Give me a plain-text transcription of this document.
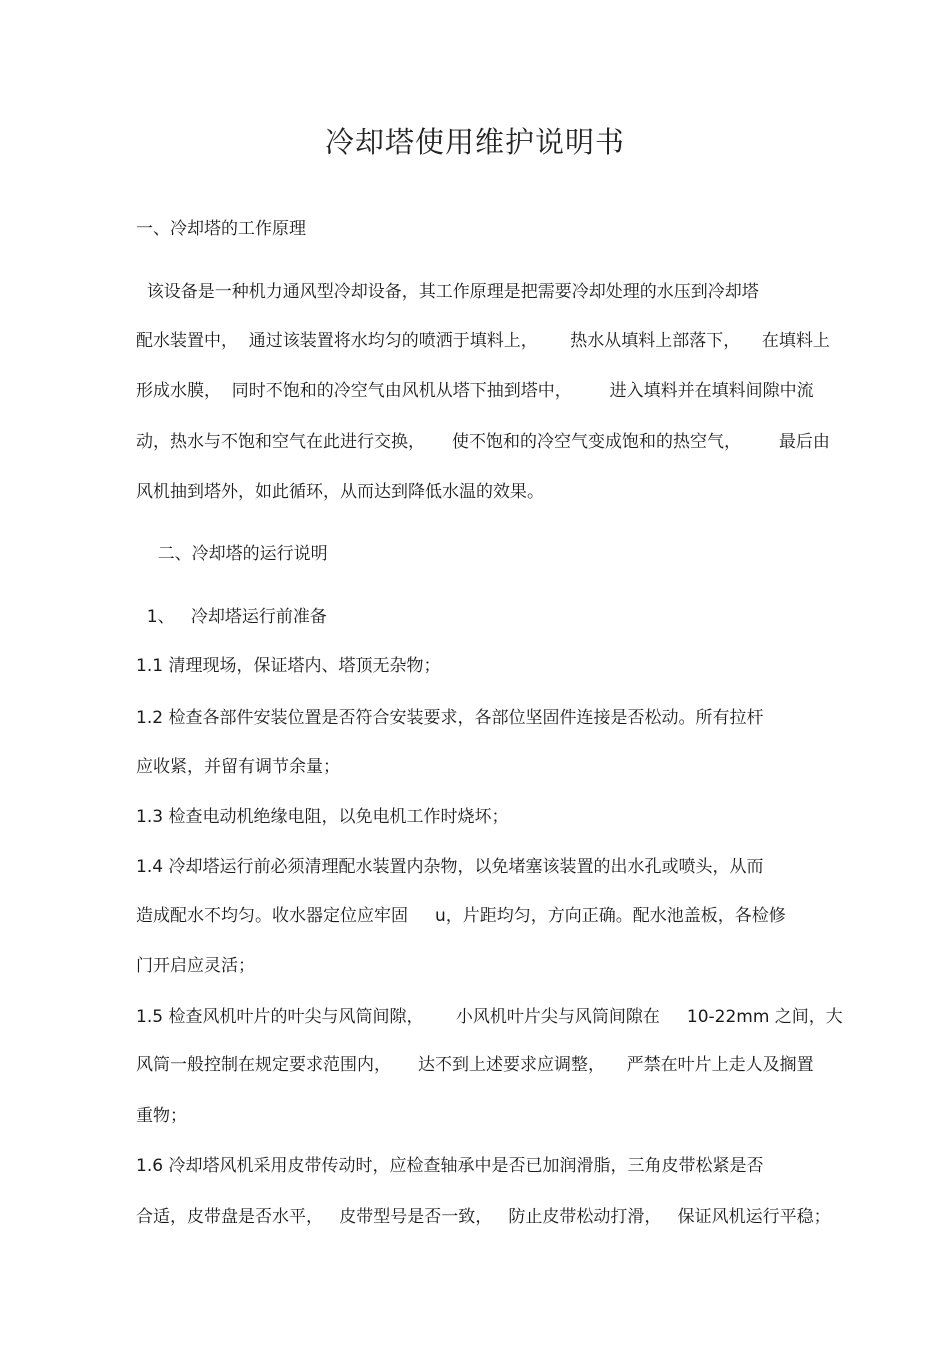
冷却塔使用维护说明书
一、冷却塔的工作原理
该设备是一种机力通风型冷却设备，其工作原理是把需要冷却处理的水压到冷却塔
配水装置中，  通过该装置将水均匀的喷洒于填料上，      热水从填料上部落下，    在填料上
形成水膜，  同时不饱和的冷空气由风机从塔下抽到塔中，       进入填料并在填料间隙中流
动，热水与不饱和空气在此进行交换，     使不饱和的冷空气变成饱和的热空气，       最后由
风机抽到塔外，如此循环，从而达到降低水温的效果。
二、冷却塔的运行说明
1、   冷却塔运行前准备
1.1 清理现场，保证塔内、塔顶无杂物；
1.2 检查各部件安装位置是否符合安装要求，各部位坚固件连接是否松动。所有拉杆
应收紧，并留有调节余量；
1.3 检查电动机绝缘电阻，以免电机工作时烧坏；
1.4 冷却塔运行前必须清理配水装置内杂物，以免堵塞该装置的出水孔或喷头，从而
造成配水不均匀。收水器定位应牢固     u，片距均匀，方向正确。配水池盖板，各检修
门开启应灵活；
1.5 检查风机叶片的叶尖与风筒间隙，      小风机叶片尖与风筒间隙在     10-22mm 之间，大
风筒一般控制在规定要求范围内，     达不到上述要求应调整，    严禁在叶片上走人及搁置
重物；
1.6 冷却塔风机采用皮带传动时，应检查轴承中是否已加润滑脂，三角皮带松紧是否
合适，皮带盘是否水平，   皮带型号是否一致，   防止皮带松动打滑，   保证风机运行平稳；
